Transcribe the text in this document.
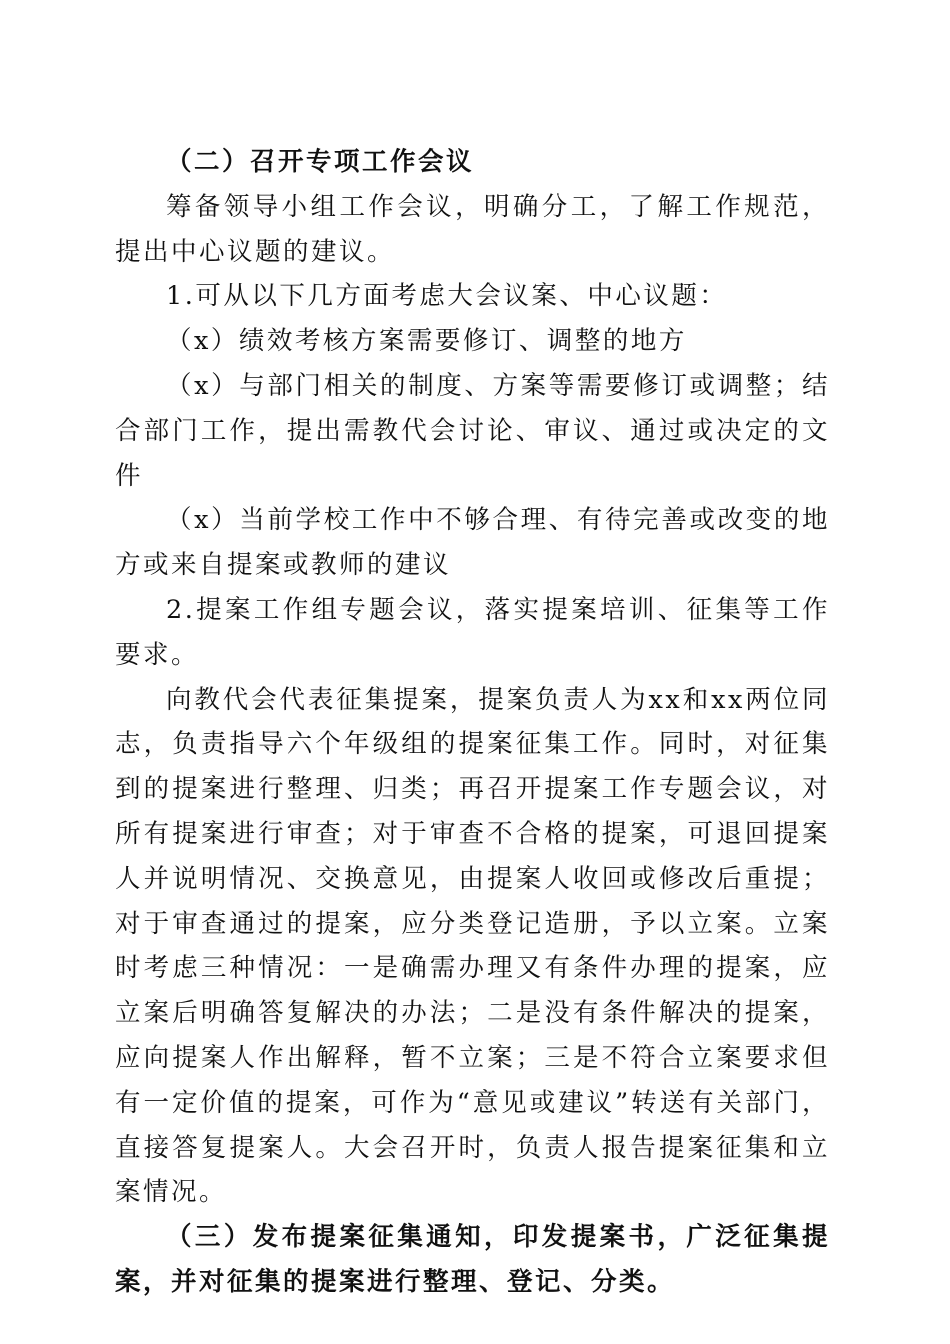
（二）召开专项工作会议

筹备领导小组工作会议，明确分工，了解工作规范，提出中心议题的建议。

1.可从以下几方面考虑大会议案、中心议题：

（x）绩效考核方案需要修订、调整的地方

（x）与部门相关的制度、方案等需要修订或调整；结合部门工作，提出需教代会讨论、审议、通过或决定的文件

（x）当前学校工作中不够合理、有待完善或改变的地方或来自提案或教师的建议

2.提案工作组专题会议，落实提案培训、征集等工作要求。

向教代会代表征集提案，提案负责人为xx和xx两位同志，负责指导六个年级组的提案征集工作。同时，对征集到的提案进行整理、归类；再召开提案工作专题会议，对所有提案进行审查；对于审查不合格的提案，可退回提案人并说明情况、交换意见，由提案人收回或修改后重提；对于审查通过的提案，应分类登记造册，予以立案。立案时考虑三种情况：一是确需办理又有条件办理的提案，应立案后明确答复解决的办法；二是没有条件解决的提案，应向提案人作出解释，暂不立案；三是不符合立案要求但有一定价值的提案，可作为“意见或建议”转送有关部门，直接答复提案人。大会召开时，负责人报告提案征集和立案情况。

（三）发布提案征集通知，印发提案书，广泛征集提案，并对征集的提案进行整理、登记、分类。
